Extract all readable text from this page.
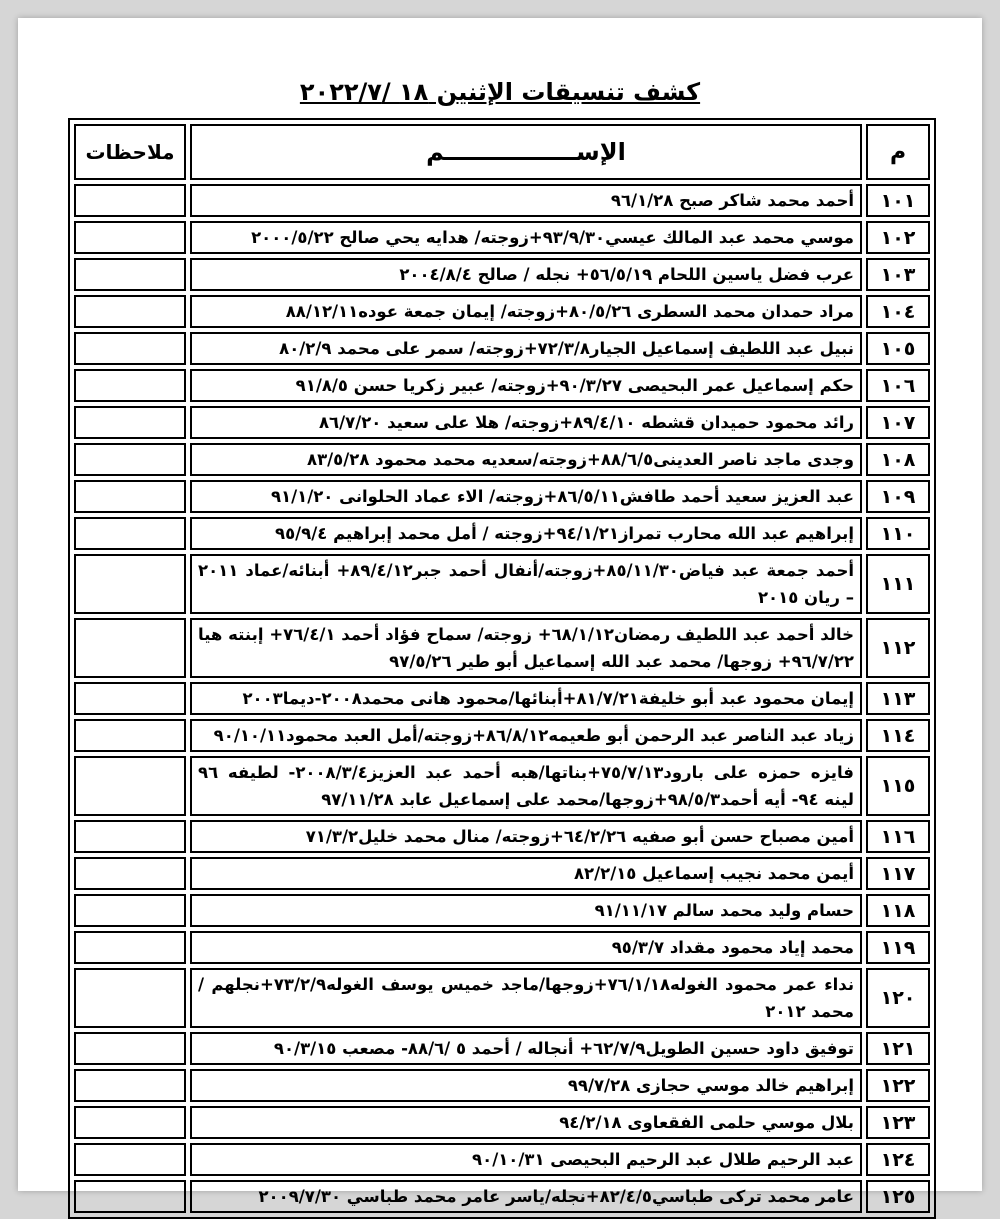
كشف تنسيقات الإثنين ١٨ /٢٠٢٢/٧
م	الإســــــــــــــــم	ملاحظات
١٠١	أحمد محمد شاكر صبح ٩٦/١/٢٨	
١٠٢	موسي محمد عبد المالك عيسي٩٣/٩/٣٠+زوجته/ هدايه يحي صالح ٢٠٠٠/٥/٢٢	
١٠٣	عرب فضل ياسين اللحام ٥٦/٥/١٩+ نجله / صالح ٢٠٠٤/٨/٤	
١٠٤	مراد حمدان محمد السطرى ٨٠/٥/٢٦+زوجته/ إيمان جمعة عوده٨٨/١٢/١١	
١٠٥	نبيل عبد اللطيف إسماعيل الجيار٧٢/٣/٨+زوجته/ سمر على محمد ٨٠/٢/٩	
١٠٦	حكم إسماعيل عمر البحيصى ٩٠/٣/٢٧+زوجته/ عبير زكريا حسن ٩١/٨/٥	
١٠٧	رائد محمود حميدان قشطه ٨٩/٤/١٠+زوجته/ هلا على سعيد ٨٦/٧/٢٠	
١٠٨	وجدى ماجد ناصر العدينى٨٨/٦/٥+زوجته/سعديه محمد محمود ٨٣/٥/٢٨	
١٠٩	عبد العزيز سعيد أحمد طافش٨٦/٥/١١+زوجته/ الاء عماد الحلوانى ٩١/١/٢٠	
١١٠	إبراهيم عبد الله محارب تمراز٩٤/١/٢١+زوجته / أمل محمد إبراهيم ٩٥/٩/٤	
١١١	أحمد جمعة عبد فياض٨٥/١١/٣٠+زوجته/أنفال أحمد جبر٨٩/٤/١٢+ أبنائه/عماد ٢٠١١ – ريان ٢٠١٥	
١١٢	خالد أحمد عبد اللطيف رمضان٦٨/١/١٢+ زوجته/ سماح فؤاد أحمد ٧٦/٤/١+ إبنته هيا ٩٦/٧/٢٢+ زوجها/ محمد عبد الله إسماعيل أبو طير ٩٧/٥/٢٦	
١١٣	إيمان محمود عبد أبو خليفة٨١/٧/٢١+أبنائها/محمود هانى محمد٢٠٠٨-ديما٢٠٠٣	
١١٤	زياد عبد الناصر عبد الرحمن أبو طعيمه٨٦/٨/١٢+زوجته/أمل العبد محمود٩٠/١٠/١١	
١١٥	فايزه حمزه على بارود٧٥/٧/١٣+بناتها/هبه أحمد عبد العزيز٢٠٠٨/٣/٤- لطيفه ٩٦ لينه ٩٤- أيه أحمد٩٨/٥/٣+زوجها/محمد على إسماعيل عابد ٩٧/١١/٢٨	
١١٦	أمين مصباح حسن أبو صفيه ٦٤/٢/٢٦+زوجته/ منال محمد خليل٧١/٣/٢	
١١٧	أيمن محمد نجيب إسماعيل ٨٢/٢/١٥	
١١٨	حسام وليد محمد سالم ٩١/١١/١٧	
١١٩	محمد إياد محمود مقداد ٩٥/٣/٧	
١٢٠	نداء عمر محمود الغوله٧٦/١/١٨+زوجها/ماجد خميس يوسف الغوله٧٣/٢/٩+نجلهم / محمد ٢٠١٢	
١٢١	توفيق داود حسين الطويل٦٢/٧/٩+ أنجاله / أحمد ٥ /٨٨/٦- مصعب ٩٠/٣/١٥	
١٢٢	إبراهيم خالد موسي حجازى ٩٩/٧/٢٨	
١٢٣	بلال موسي حلمى الفقعاوى ٩٤/٢/١٨	
١٢٤	عبد الرحيم طلال عبد الرحيم البحيصى ٩٠/١٠/٣١	
١٢٥	عامر محمد تركى طباسي٨٢/٤/٥+نجله/ياسر عامر محمد طباسي ٢٠٠٩/٧/٣٠	
